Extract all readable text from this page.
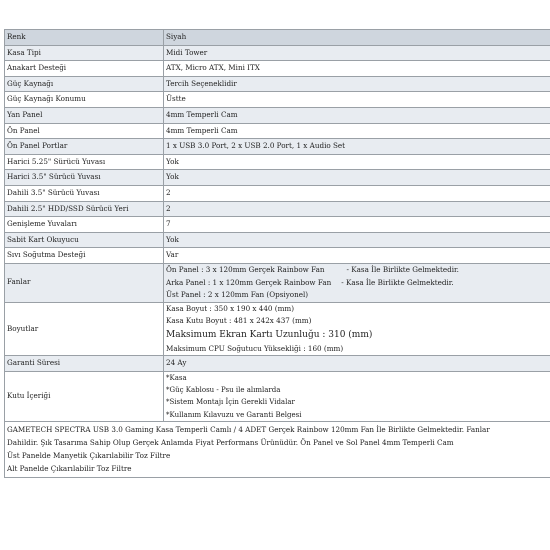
Renk	Siyah
Kasa Tipi	Midi Tower
Anakart Desteği	ATX, Micro ATX, Mini ITX
Güç Kaynağı	Tercih Seçeneklidir
Güç Kaynağı Konumu	Üstte
Yan Panel	4mm Temperli Cam
Ön Panel	4mm Temperli Cam
Ön Panel Portlar	1 x USB 3.0 Port, 2 x USB 2.0 Port, 1 x Audio Set
Harici 5.25" Sürücü Yuvası	Yok
Harici 3.5" Sürücü Yuvası	Yok
Dahili 3.5" Sürücü Yuvası	2
Dahili 2.5" HDD/SSD Sürücü Yeri	2
Genişleme Yuvaları	7
Sabit Kart Okuyucu	Yok
Sıvı Soğutma Desteği	Var
Fanlar	Ön Panel : 3 x 120mm Gerçek Rainbow Fan - Kasa İle Birlikte Gelmektedir.
Arka Panel : 1 x 120mm Gerçek Rainbow Fan - Kasa İle Birlikte Gelmektedir.
Üst Panel : 2 x 120mm Fan (Opsiyonel)

Boyutlar	Kasa Boyut : 350 x 190 x 440 (mm)
Kasa Kutu Boyut : 481 x 242x 437 (mm)
Maksimum Ekran Kartı Uzunluğu : 310 (mm)
Maksimum CPU Soğutucu Yüksekliği : 160 (mm)

Garanti Süresi	24 Ay
Kutu İçeriği	*Kasa
*Güç Kablosu - Psu ile alımlarda
*Sistem Montajı İçin Gerekli Vidalar
*Kullanım Kılavuzu ve Garanti Belgesi
GAMETECH SPECTRA USB 3.0 Gaming Kasa Temperli Camlı / 4 ADET Gerçek Rainbow 120mm Fan İle Birlikte Gelmektedir. Fanlar
Dahildir. Şık Tasarıma Sahip Olup Gerçek Anlamda Fiyat Performans Ürünüdür. Ön Panel ve Sol Panel 4mm Temperli Cam
Üst Panelde Manyetik Çıkarılabilir Toz Filtre
Alt Panelde Çıkarılabilir Toz Filtre
